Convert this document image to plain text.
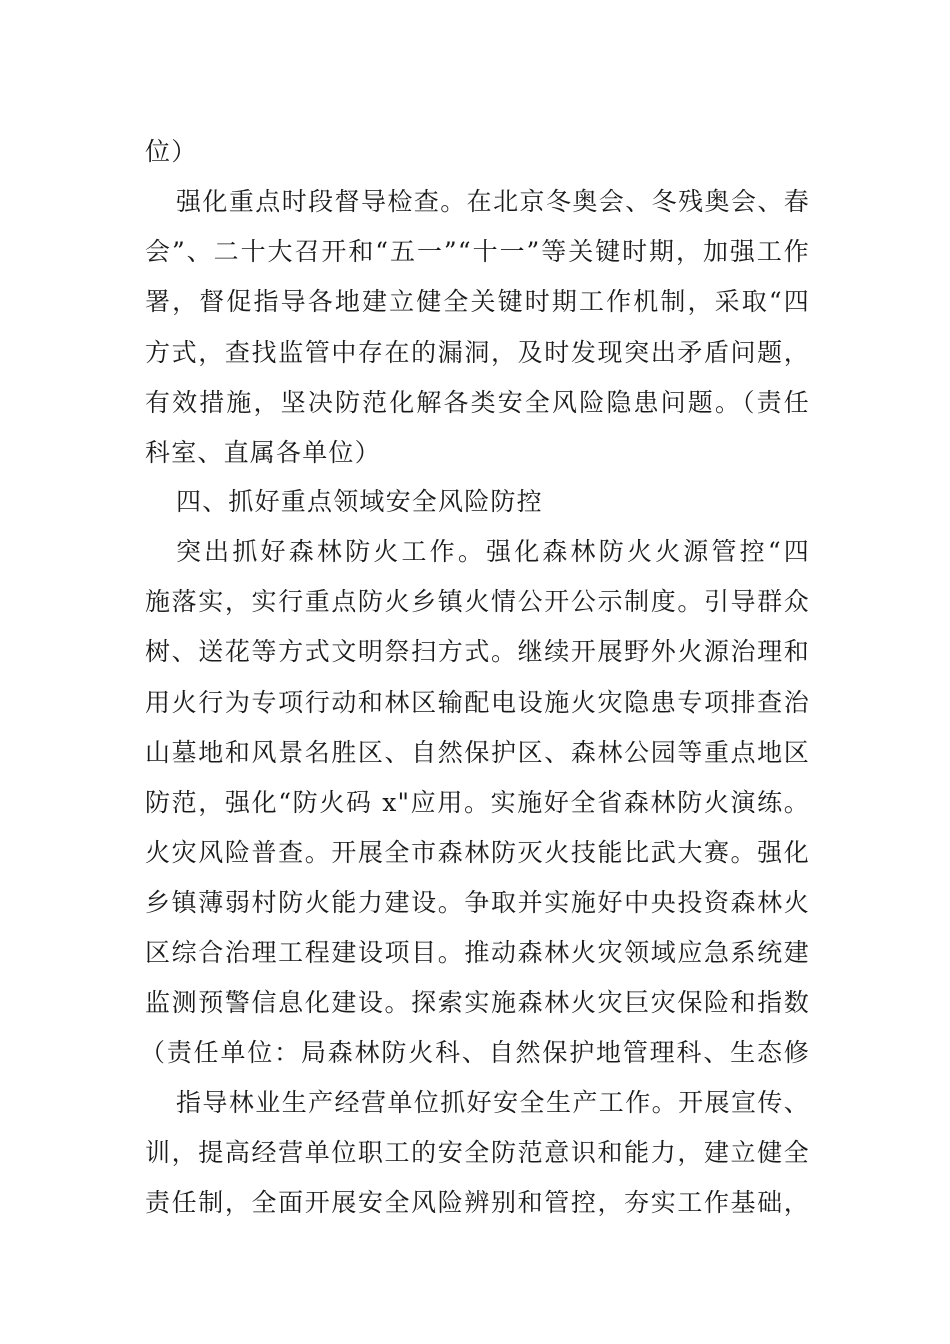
位）
强化重点时段督导检查。在北京冬奥会、冬残奥会、春
会”、二十大召开和“五一”“十一”等关键时期，加强工作
署，督促指导各地建立健全关键时期工作机制，采取“四
方式，查找监管中存在的漏洞，及时发现突出矛盾问题，
有效措施，坚决防范化解各类安全风险隐患问题。（责任
科室、直属各单位）
四、抓好重点领域安全风险防控
突出抓好森林防火工作。强化森林防火火源管控“四
施落实，实行重点防火乡镇火情公开公示制度。引导群众
树、送花等方式文明祭扫方式。继续开展野外火源治理和
用火行为专项行动和林区输配电设施火灾隐患专项排查治
山墓地和风景名胜区、自然保护区、森林公园等重点地区
防范，强化“防火码 x"应用。实施好全省森林防火演练。
火灾风险普查。开展全市森林防灭火技能比武大赛。强化
乡镇薄弱村防火能力建设。争取并实施好中央投资森林火
区综合治理工程建设项目。推动森林火灾领域应急系统建
监测预警信息化建设。探索实施森林火灾巨灾保险和指数
（责任单位：局森林防火科、自然保护地管理科、生态修
指导林业生产经营单位抓好安全生产工作。开展宣传、
训，提高经营单位职工的安全防范意识和能力，建立健全
责任制，全面开展安全风险辨别和管控，夯实工作基础，
